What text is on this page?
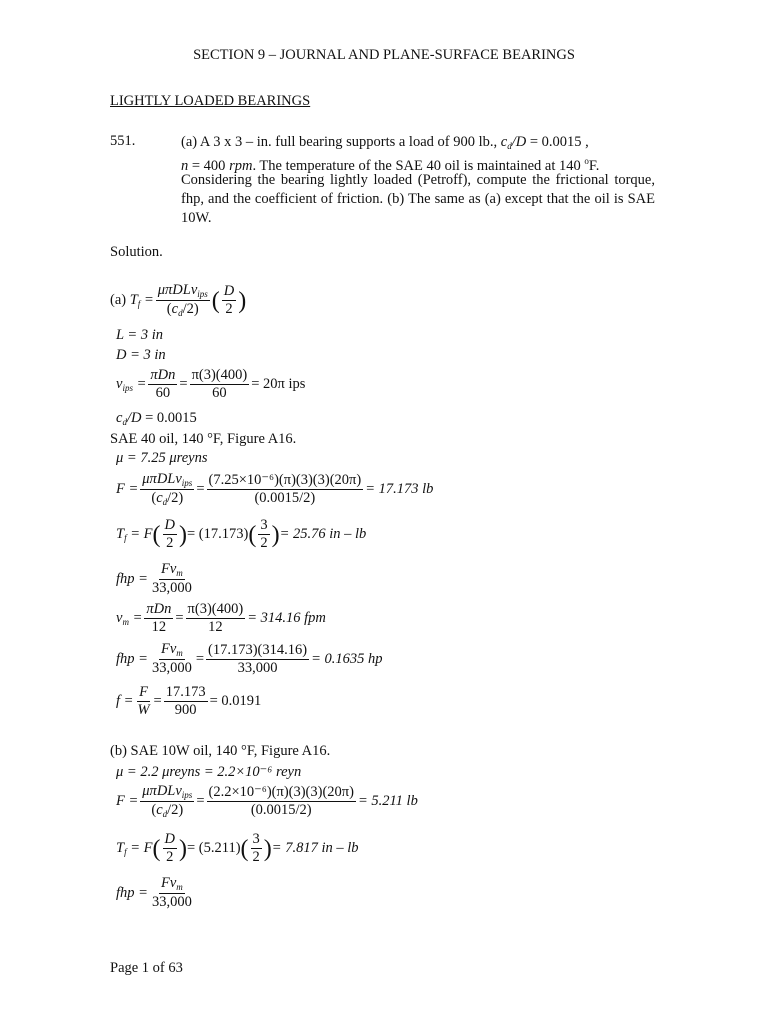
SECTION 9 – JOURNAL AND PLANE-SURFACE BEARINGS
LIGHTLY LOADED BEARINGS
551.	(a) A 3 x 3 – in. full bearing supports a load of 900 lb., $c_d/D = 0.0015$ ,
n = 400 rpm. The temperature of the SAE 40 oil is maintained at 140 $^o$F.
Considering the bearing lightly loaded (Petroff), compute the frictional torque, fhp, and the coefficient of friction. (b) The same as (a) except that the oil is SAE 10W.
Solution.
(a)
$T_f = \frac{\mu\pi DLv_{ips}}{(c_d/2)}$ ( $\frac{D}{2}$ )
L = 3 in
D = 3 in
$v_{ips} = \frac{\text{πDn}}{60} = \frac{\pi(3)(400)}{60} = 20\pi$ ips
$c_d/D = 0.0015$
SAE 40 oil, 140 °F, Figure A16.
μ = 7.25 μreyns
$F = \frac{\mu\pi DLv_{ips}}{(c_d/2)} = \frac{\text{(7.25×10⁻⁶)(π)(3)(3)(20π)}}{(0.0015/2)} = 17.173$ lb
$T_f = F$ ( $\frac{D}{2}$ ) = (17.173) ( $\frac{3}{2}$ ) = 25.76 in – lb
fhp = $\frac{Fv_m}{33,000}$
$v_m = \frac{\text{πDn}}{12} = \frac{\pi(3)(400)}{12} = 314.16$ fpm
fhp = $\frac{Fv_m}{33,000} = \frac{(17.173)(314.16)}{33,000} = 0.1635$ hp
$f = \frac{F}{W} = \frac{17.173}{900} = 0.0191$
(b) SAE 10W oil, 140 °F, Figure A16.
μ = 2.2 μreyns = 2.2×10⁻⁶ reyn
$F = \frac{\mu\pi DLv_{ips}}{(c_d/2)} = \frac{\text{(2.2×10⁻⁶)(π)(3)(3)(20π)}}{(0.0015/2)} = 5.211$ lb
$T_f = F$ ( $\frac{D}{2}$ ) = (5.211) ( $\frac{3}{2}$ ) = 7.817 in – lb
fhp = $\frac{Fv_m}{33,000}$
Page 1 of 63
